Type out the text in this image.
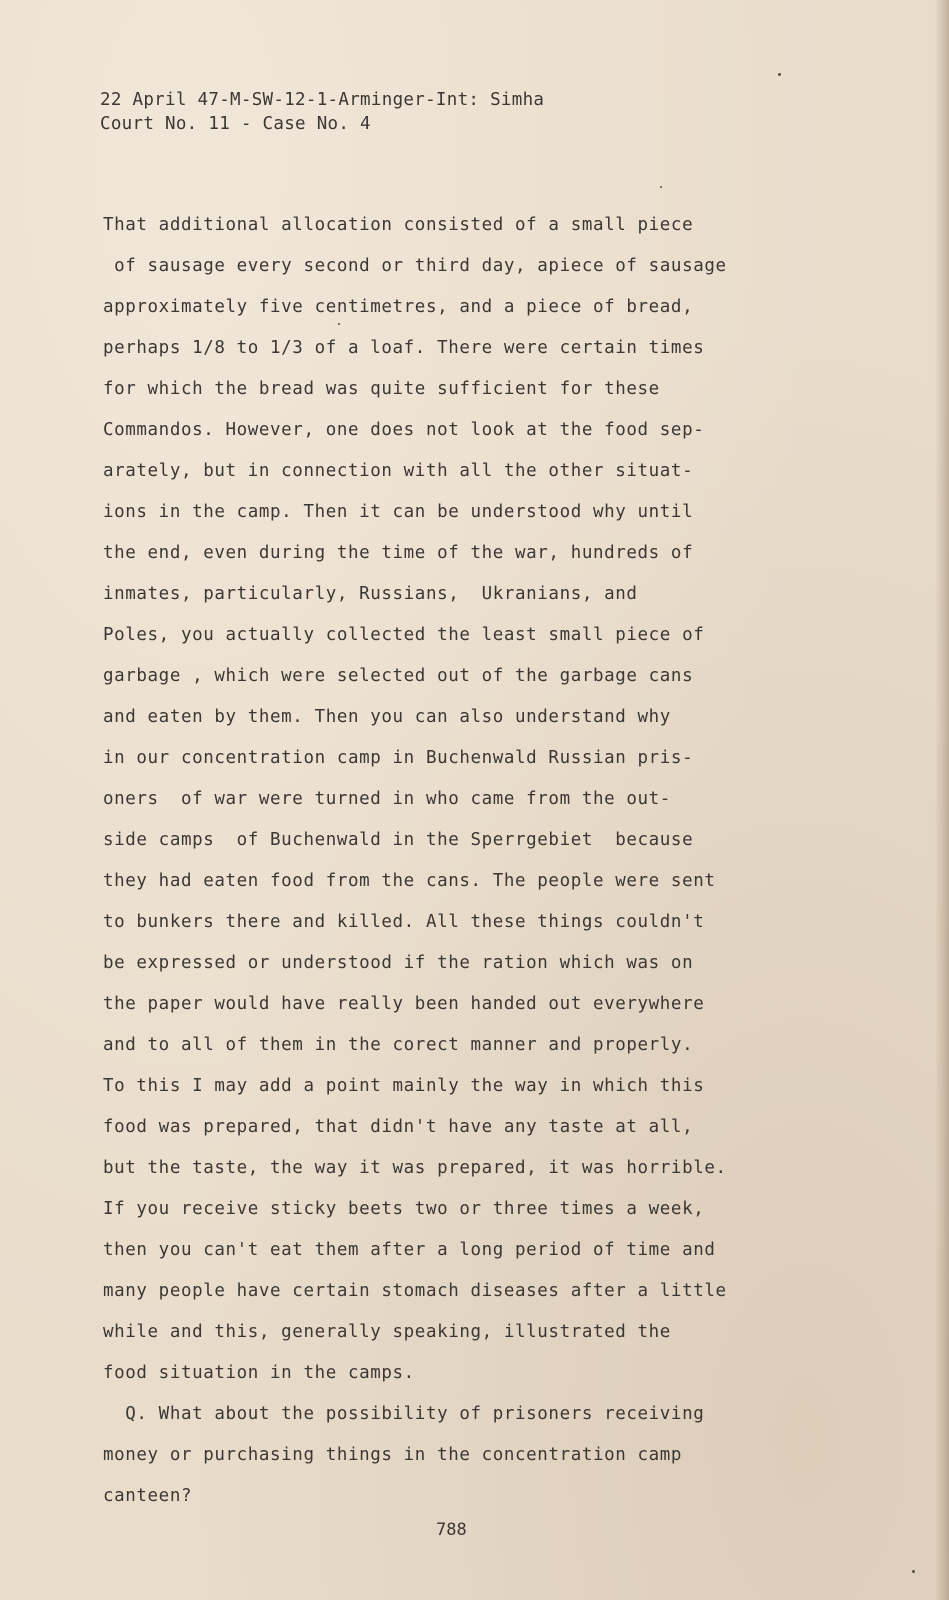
22 April 47-M-SW-12-1-Arminger-Int: Simha
Court No. 11 - Case No. 4
That additional allocation consisted of a small piece
of sausage every second or third day, apiece of sausage
approximately five centimetres, and a piece of bread,
perhaps 1/8 to 1/3 of a loaf. There were certain times
for which the bread was quite sufficient for these
Commandos. However, one does not look at the food sep-
arately, but in connection with all the other situat-
ions in the camp. Then it can be understood why until
the end, even during the time of the war, hundreds of
inmates, particularly, Russians,  Ukranians, and
Poles, you actually collected the least small piece of
garbage , which were selected out of the garbage cans
and eaten by them. Then you can also understand why
in our concentration camp in Buchenwald Russian pris-
oners  of war were turned in who came from the out-
side camps  of Buchenwald in the Sperrgebiet  because
they had eaten food from the cans. The people were sent
to bunkers there and killed. All these things couldn't
be expressed or understood if the ration which was on
the paper would have really been handed out everywhere
and to all of them in the corect manner and properly.
To this I may add a point mainly the way in which this
food was prepared, that didn't have any taste at all,
but the taste, the way it was prepared, it was horrible.
If you receive sticky beets two or three times a week,
then you can't eat them after a long period of time and
many people have certain stomach diseases after a little
while and this, generally speaking, illustrated the
food situation in the camps.
Q. What about the possibility of prisoners receiving
money or purchasing things in the concentration camp
canteen?
788
